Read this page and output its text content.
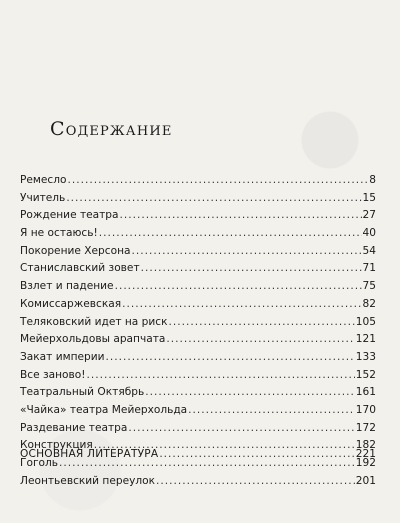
Содержание
Ремесло .....	8
Учитель .....	15
Рождение театра .....	27
Я не остаюсь! .....	40
Покорение Херсона .....	54
Станиславский зовет .....	71
Взлет и падение .....	75
Комиссаржевская .....	82
Теляковский идет на риск .....	105
Мейерхольдовы арапчата .....	121
Закат империи .....	133
Все заново! .....	152
Театральный Октябрь .....	161
«Чайка» театра Мейерхольда .....	170
Раздевание театра .....	172
Конструкция .....	182
Гоголь .....	192
Леонтьевский переулок .....	201
ОСНОВНАЯ ЛИТЕРАТУРА .....	221
